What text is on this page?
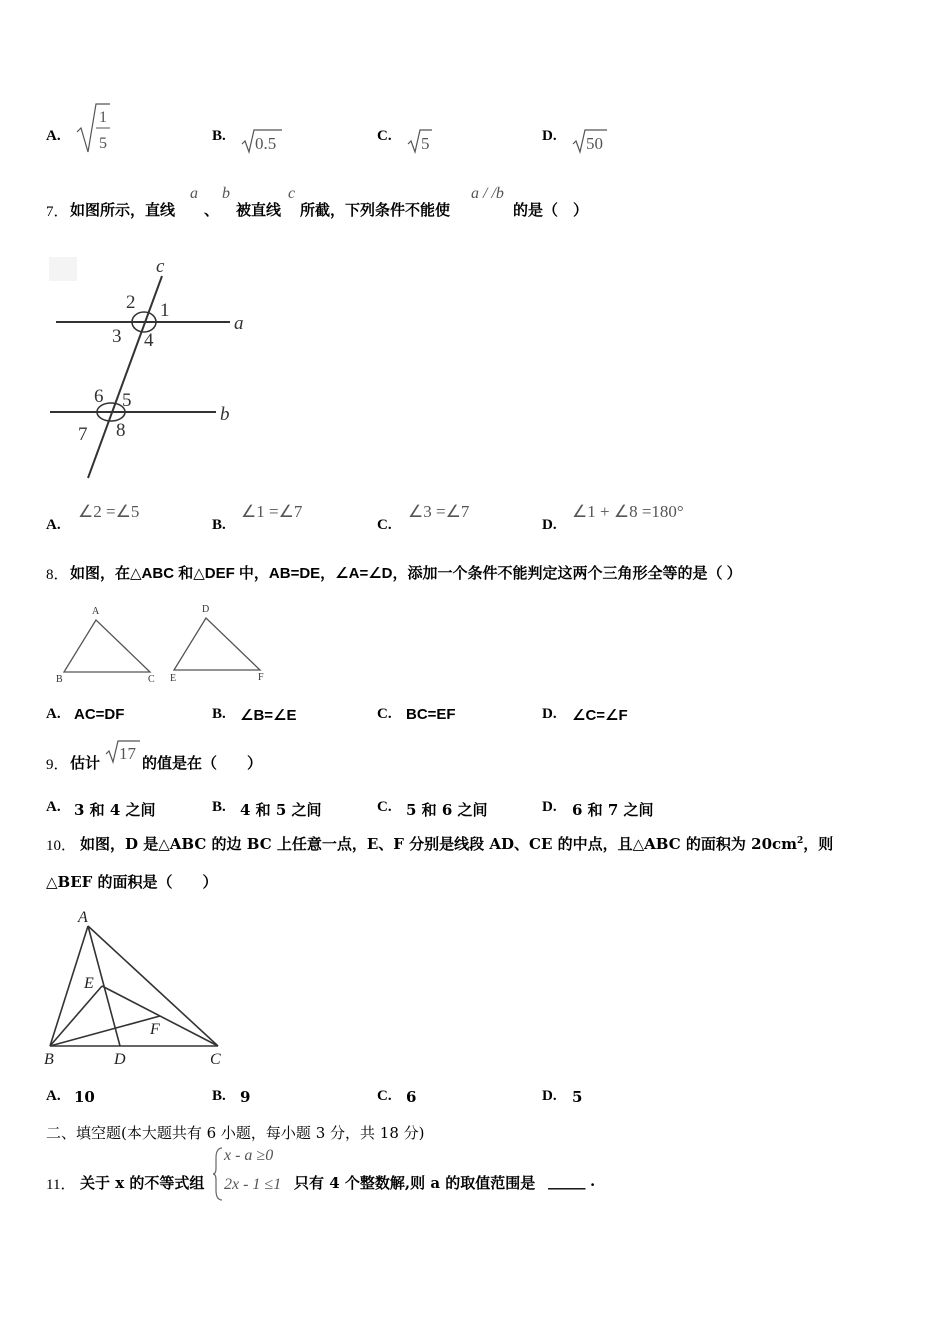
A.
1
5	B. 0.5	C. 5	D. 50
7． 如图所示，直线
a
、
b
被直线
c
所截，下列条件不能使
a / /b
的是（　）
c
a
b
1
2
3 4
5
6
7 8
A.
∠2 =∠5
B.
∠1 =∠7
C.
∠3 =∠7
D.
∠1 + ∠8 =180°
8． 如图，在△ABC 和△DEF 中，AB=DE，∠A=∠D，添加一个条件不能判定这两个三角形全等的是（ ）
A
B	C
D
E	F
A. AC=DF	B. ∠B=∠E	C. BC=EF	D. ∠C=∠F
9． 估计 17 的值是在（　　）
A. 3 和 4 之间	B. 4 和 5 之间	C. 5 和 6 之间	D. 6 和 7 之间
10． 如图，D 是△ABC 的边 BC 上任意一点，E、F 分别是线段 AD、CE 的中点，且△ABC 的面积为 $20cm^2$，则
△BEF 的面积是（　　）
A
B	C
D
E
F
A. 10	B. 9	C. 6	D. 5
二、填空题(本大题共有 6 小题，每小题 3 分，共 18 分)
11． 关于 x 的不等式组
x - a ≥0
2x - 1 ≤1 只有 4 个整数解,则 a 的取值范围是 _____ .
